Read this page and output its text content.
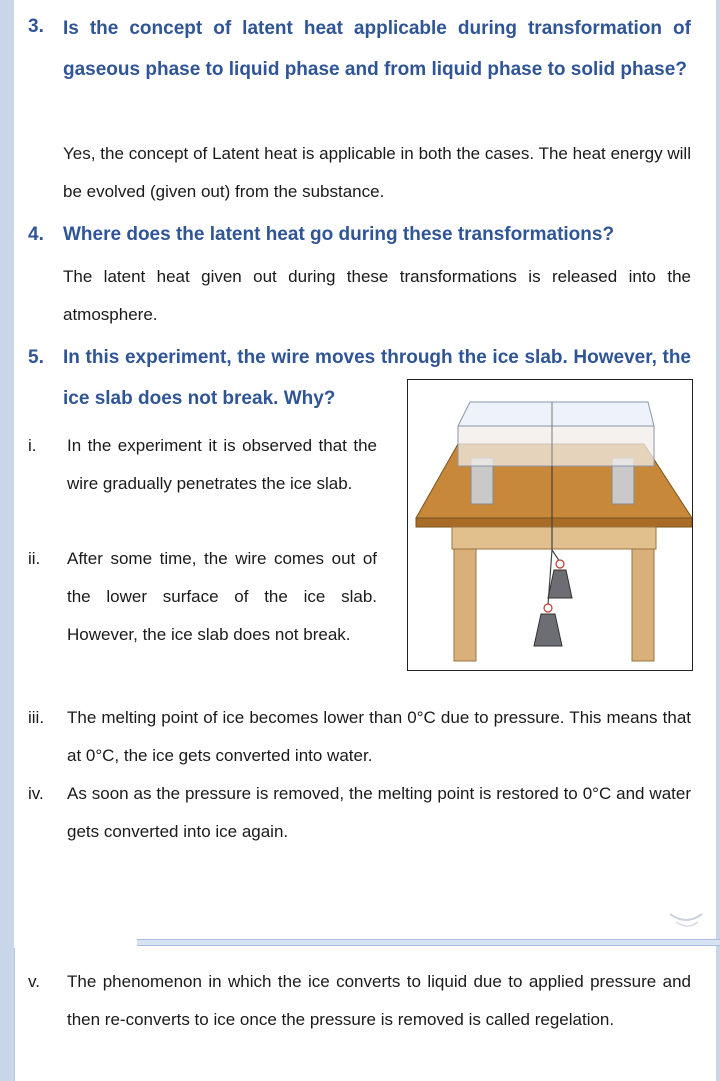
3. Is the concept of latent heat applicable during transformation of gaseous phase to liquid phase and from liquid phase to solid phase?
Yes, the concept of Latent heat is applicable in both the cases. The heat energy will be evolved (given out) from the substance.
4. Where does the latent heat go during these transformations?
The latent heat given out during these transformations is released into the atmosphere.
5. In this experiment, the wire moves through the ice slab. However, the ice slab does not break. Why?
i. In the experiment it is observed that the wire gradually penetrates the ice slab.
ii. After some time, the wire comes out of the lower surface of the ice slab. However, the ice slab does not break.
iii. The melting point of ice becomes lower than 0°C due to pressure. This means that at 0°C, the ice gets converted into water.
iv. As soon as the pressure is removed, the melting point is restored to 0°C and water gets converted into ice again.
v. The phenomenon in which the ice converts to liquid due to applied pressure and then re-converts to ice once the pressure is removed is called regelation.
